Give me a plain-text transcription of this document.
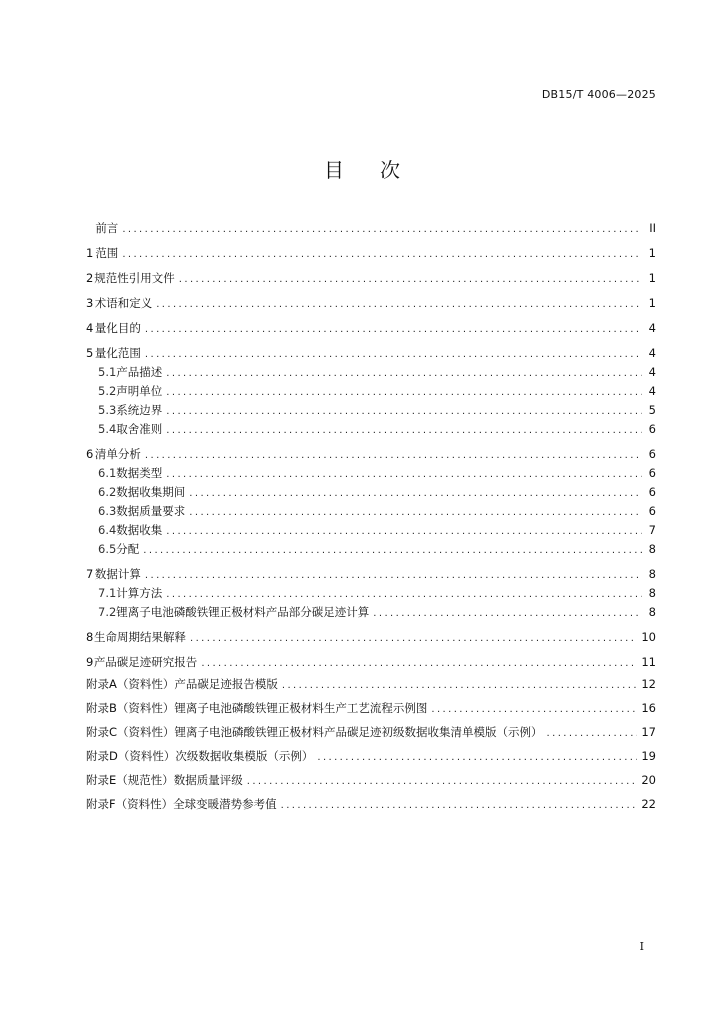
DB15/T 4006—2025
目 次
前言 .....	II
1 范围 .....	1
2 规范性引用文件 .....	1
3 术语和定义 .....	1
4 量化目的 .....	4
5 量化范围 .....	4
5.1 产品描述 .....	4
5.2 声明单位 .....	4
5.3 系统边界 .....	5
5.4 取舍准则 .....	6
6 清单分析 .....	6
6.1 数据类型 .....	6
6.2 数据收集期间 .....	6
6.3 数据质量要求 .....	6
6.4 数据收集 .....	7
6.5 分配 .....	8
7 数据计算 .....	8
7.1 计算方法 .....	8
7.2 锂离子电池磷酸铁锂正极材料产品部分碳足迹计算 .....	8
8 生命周期结果解释 .....	10
9 产品碳足迹研究报告 .....	11
附录A（资料性） 产品碳足迹报告模版 .....	12
附录B（资料性） 锂离子电池磷酸铁锂正极材料生产工艺流程示例图 .....	16
附录C（资料性） 锂离子电池磷酸铁锂正极材料产品碳足迹初级数据收集清单模版（示例） .....	17
附录D（资料性） 次级数据收集模版（示例） .....	19
附录E（规范性） 数据质量评级 .....	20
附录F（资料性） 全球变暖潜势参考值 .....	22
I
